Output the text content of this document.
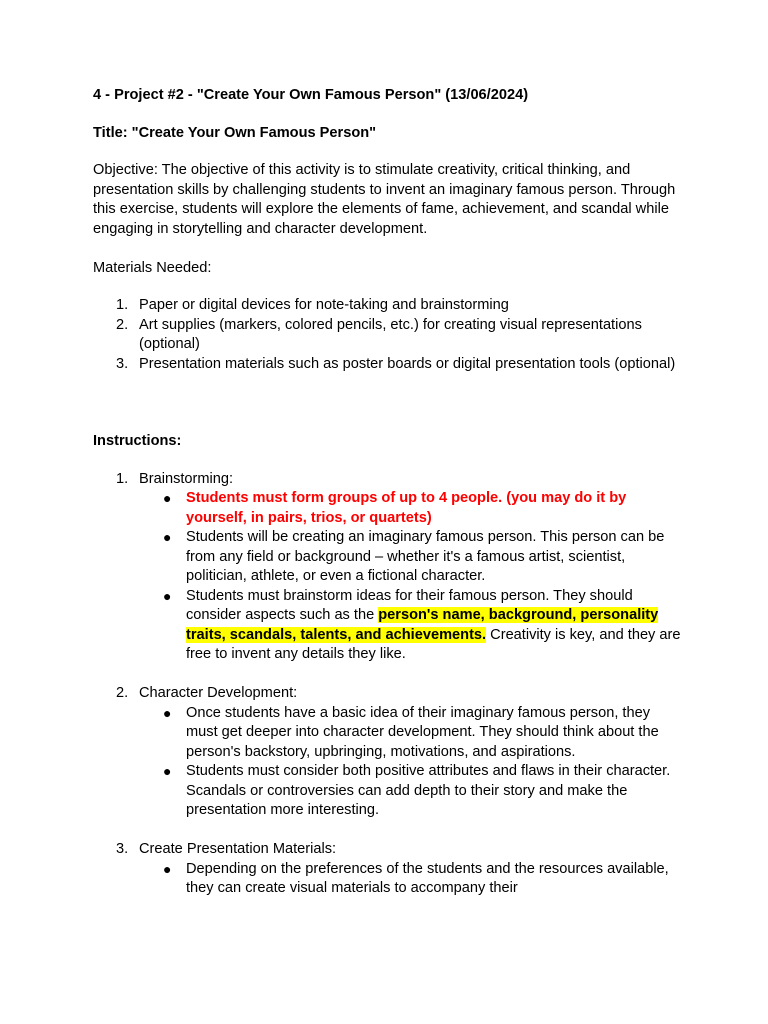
4 - Project #2 - "Create Your Own Famous Person" (13/06/2024)

Title: "Create Your Own Famous Person"

Objective: The objective of this activity is to stimulate creativity, critical thinking, and presentation skills by challenging students to invent an imaginary famous person. Through this exercise, students will explore the elements of fame, achievement, and scandal while engaging in storytelling and character development.

Materials Needed:

1. Paper or digital devices for note-taking and brainstorming
2. Art supplies (markers, colored pencils, etc.) for creating visual representations (optional)
3. Presentation materials such as poster boards or digital presentation tools (optional)

Instructions:

1. Brainstorming:
● Students must form groups of up to 4 people. (you may do it by yourself, in pairs, trios, or quartets)
● Students will be creating an imaginary famous person. This person can be from any field or background – whether it's a famous artist, scientist, politician, athlete, or even a fictional character.
● Students must brainstorm ideas for their famous person. They should consider aspects such as the person's name, background, personality traits, scandals, talents, and achievements. Creativity is key, and they are free to invent any details they like.
2. Character Development:
● Once students have a basic idea of their imaginary famous person, they must get deeper into character development. They should think about the person's backstory, upbringing, motivations, and aspirations.
● Students must consider both positive attributes and flaws in their character. Scandals or controversies can add depth to their story and make the presentation more interesting.
3. Create Presentation Materials:
● Depending on the preferences of the students and the resources available, they can create visual materials to accompany their
